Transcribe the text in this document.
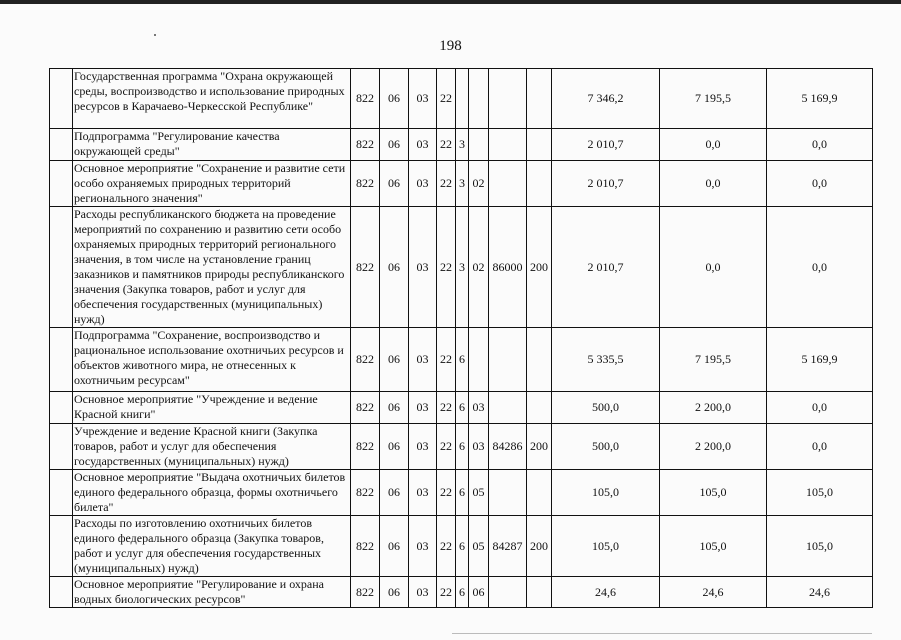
198
	Государственная программа "Охрана окружающей среды, воспроизводство и использование природных ресурсов в Карачаево-Черкесской Республике"	822	06	03	22					7 346,2	7 195,5	5 169,9
	Подпрограмма "Регулирование качества окружающей среды"	822	06	03	22	3				2 010,7	0,0	0,0
	Основное мероприятие "Сохранение и развитие сети особо охраняемых природных территорий регионального значения"	822	06	03	22	3	02			2 010,7	0,0	0,0
	Расходы республиканского бюджета на проведение мероприятий по сохранению и развитию сети особо охраняемых природных территорий регионального значения, в том числе на установление границ заказников и памятников природы республиканского значения (Закупка товаров, работ и услуг для обеспечения государственных (муниципальных) нужд)	822	06	03	22	3	02	86000	200	2 010,7	0,0	0,0
	Подпрограмма "Сохранение, воспроизводство и рациональное использование охотничьих ресурсов и объектов животного мира, не отнесенных к охотничьим ресурсам"	822	06	03	22	6				5 335,5	7 195,5	5 169,9
	Основное мероприятие "Учреждение и ведение Красной книги"	822	06	03	22	6	03			500,0	2 200,0	0,0
	Учреждение и ведение Красной книги (Закупка товаров, работ и услуг для обеспечения государственных (муниципальных) нужд)	822	06	03	22	6	03	84286	200	500,0	2 200,0	0,0
	Основное мероприятие "Выдача охотничьих билетов единого федерального образца, формы охотничьего билета"	822	06	03	22	6	05			105,0	105,0	105,0
	Расходы по изготовлению охотничьих билетов единого федерального образца (Закупка товаров, работ и услуг для обеспечения государственных (муниципальных) нужд)	822	06	03	22	6	05	84287	200	105,0	105,0	105,0
	Основное мероприятие "Регулирование и охрана водных биологических ресурсов"	822	06	03	22	6	06			24,6	24,6	24,6
